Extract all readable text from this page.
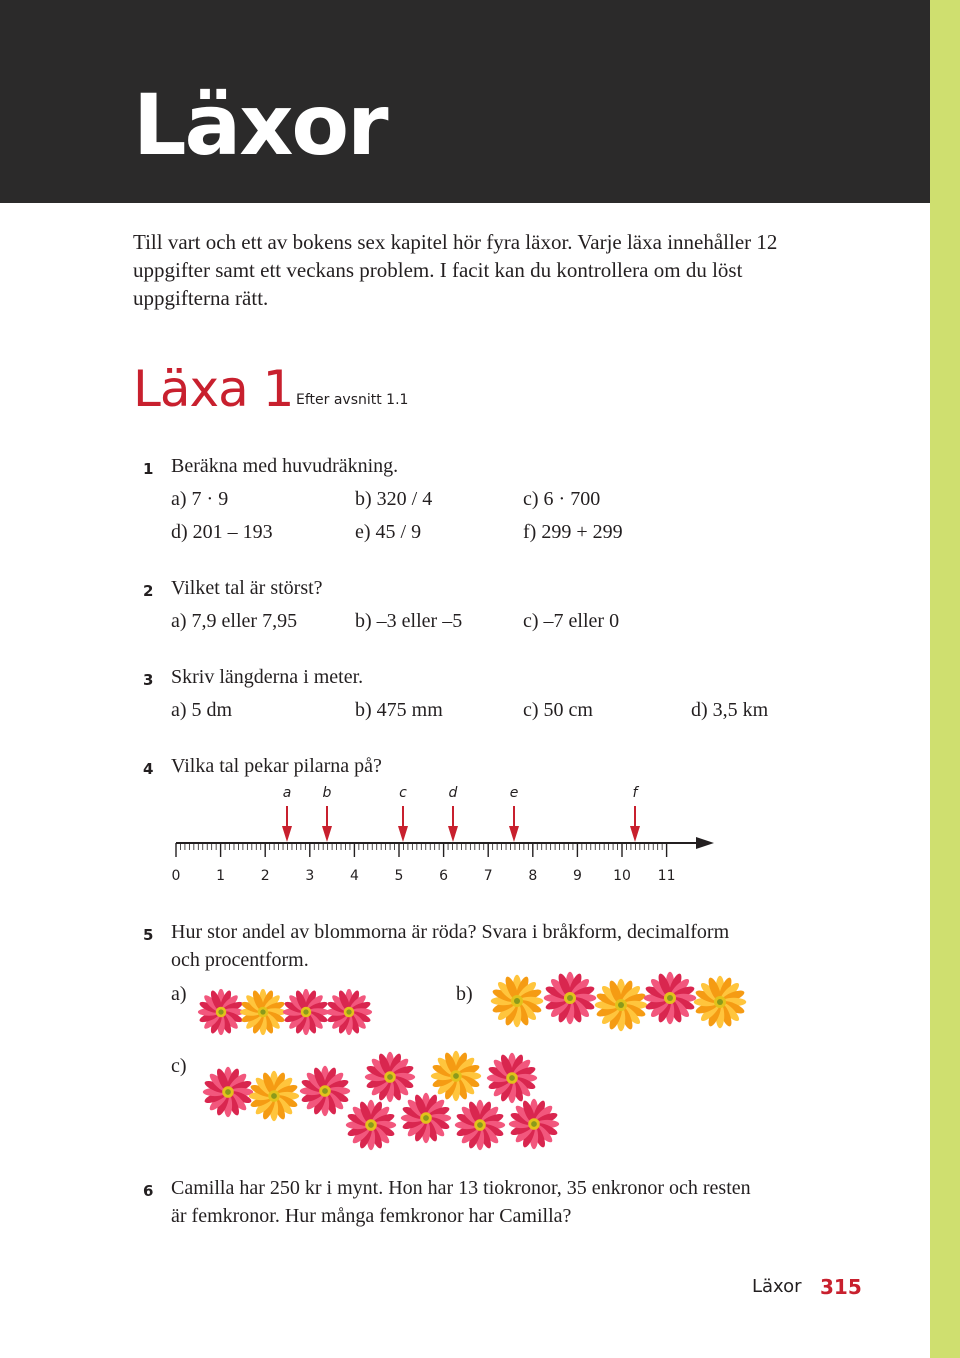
Läxor
Till vart och ett av bokens sex kapitel hör fyra läxor. Varje läxa innehåller 12 uppgifter samt ett veckans problem. I facit kan du kontrollera om du löst uppgifterna rätt.
Läxa 1 Efter avsnitt 1.1
1 Beräkna med huvudräkning.
a) 7 · 9	b) 320 / 4	c) 6 · 700
d) 201 – 193	e) 45 / 9	f) 299 + 299
2 Vilket tal är störst?
a) 7,9 eller 7,95	b) –3 eller –5	c) –7 eller 0
3 Skriv längderna i meter.
a) 5 dm	b) 475 mm	c) 50 cm	d) 3,5 km
4 Vilka tal pekar pilarna på?
0	1	2	3	4	5	6	7	8	9 10 11
a b	c	d	e	f
5 Hur stor andel av blommorna är röda? Svara i bråkform, decimalform
och procentform.
a)	b)
c)
6 Camilla har 250 kr i mynt. Hon har 13 tiokronor, 35 enkronor och resten
är femkronor. Hur många femkronor har Camilla?
Läxor 315
